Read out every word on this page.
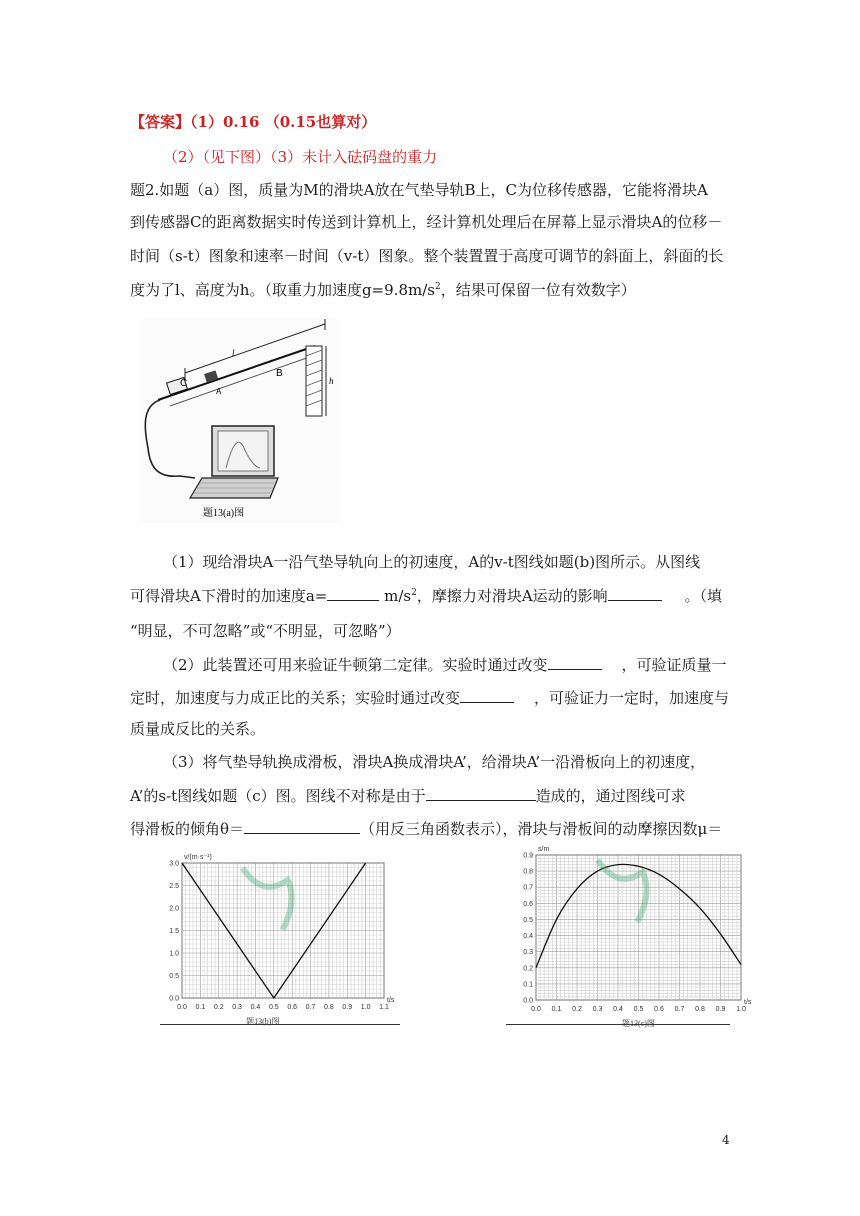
【答案】（1）0.16 （0.15也算对）
（2）（见下图）（3）未计入砝码盘的重力
题2.如题（a）图，质量为M的滑块A放在气垫导轨B上，C为位移传感器，它能将滑块A
到传感器C的距离数据实时传送到计算机上，经计算机处理后在屏幕上显示滑块A的位移－
时间（s-t）图象和速率－时间（v-t）图象。整个装置置于高度可调节的斜面上，斜面的长
度为了l、高度为h。（取重力加速度$g=9.8m/s^2$，结果可保留一位有效数字）
C
A
B
l
h
题13(a)图
（1）现给滑块A一沿气垫导轨向上的初速度，A的v-t图线如题(b)图所示。从图线
可得滑块A下滑时的加速度a=	$m/s^2$，摩擦力对滑块A运动的影响	。（填
“明显，不可忽略”或“不明显，可忽略”）
（2）此装置还可用来验证牛顿第二定律。实验时通过改变	，可验证质量一
定时，加速度与力成正比的关系；实验时通过改变	，可验证力一定时，加速度与
质量成反比的关系。
（3）将气垫导轨换成滑板，滑块A换成滑块A’，给滑块A’一沿滑板向上的初速度，
A’的s-t图线如题（c）图。图线不对称是由于	造成的，通过图线可求
得滑板的倾角θ＝	（用反三角函数表示），滑块与滑板间的动摩擦因数μ＝
0.0 0.1 0.2 0.3 0.4 0.5 0.6 0.7 0.8 0.9 1.0 1.1
0.0
0.5
1.0
1.5
2.0
2.5
3.0
v/(m·s⁻¹)
t/s
题13(b)图
0.0 0.1 0.2 0.3 0.4 0.5 0.6 0.7 0.8 0.9 1.0
0.0
0.1
0.2
0.3
0.4
0.5
0.6
0.7
0.8
0.9
s/m
t/s
题13(c)图
4
